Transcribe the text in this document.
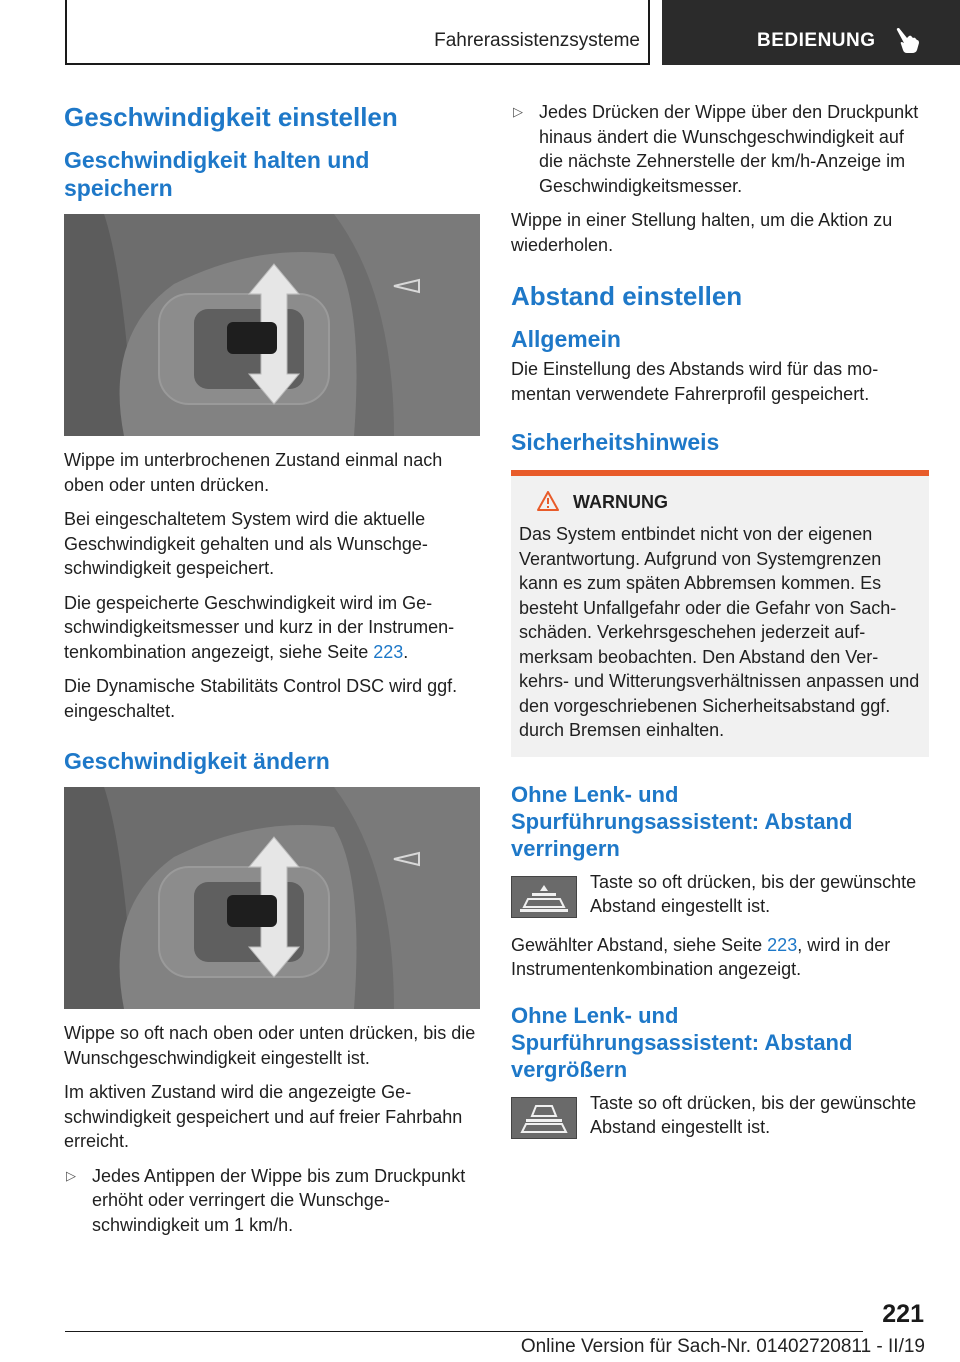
Fahrerassistenzsysteme	BEDIENUNG
Geschwindigkeit einstellen
Geschwindigkeit halten und speichern

Wippe im unterbrochenen Zustand einmal nach oben oder unten drücken.

Bei eingeschaltetem System wird die aktuelle Geschwindigkeit gehalten und als Wunschgeschwindigkeit gespeichert.

Die gespeicherte Geschwindigkeit wird im Geschwindigkeitsmesser und kurz in der Instrumentenkombination angezeigt, siehe Seite 223.

Die Dynamische Stabilitäts Control DSC wird ggf. eingeschaltet.

Geschwindigkeit ändern

Wippe so oft nach oben oder unten drücken, bis die Wunschgeschwindigkeit eingestellt ist.

Im aktiven Zustand wird die angezeigte Geschwindigkeit gespeichert und auf freier Fahrbahn erreicht.

▷ Jedes Antippen der Wippe bis zum Druckpunkt erhöht oder verringert die Wunschgeschwindigkeit um 1 km/h.
▷ Jedes Drücken der Wippe über den Druckpunkt hinaus ändert die Wunschgeschwindigkeit auf die nächste Zehnerstelle der km/h-Anzeige im Geschwindigkeitsmesser.

Wippe in einer Stellung halten, um die Aktion zu wiederholen.

Abstand einstellen
Allgemein

Die Einstellung des Abstands wird für das momentan verwendete Fahrerprofil gespeichert.

Sicherheitshinweis
WARNUNG

Das System entbindet nicht von der eigenen Verantwortung. Aufgrund von Systemgrenzen kann es zum späten Abbremsen kommen. Es besteht Unfallgefahr oder die Gefahr von Sachschäden. Verkehrsgeschehen jederzeit aufmerksam beobachten. Den Abstand den Verkehrs- und Witterungsverhältnissen anpassen und den vorgeschriebenen Sicherheitsabstand ggf. durch Bremsen einhalten.

Ohne Lenk- und Spurführungsassistent: Abstand verringern

Taste so oft drücken, bis der gewünschte Abstand eingestellt ist.

Gewählter Abstand, siehe Seite 223, wird in der Instrumentenkombination angezeigt.

Ohne Lenk- und Spurführungsassistent: Abstand vergrößern

Taste so oft drücken, bis der gewünschte Abstand eingestellt ist.

221
Online Version für Sach-Nr. 01402720811 - II/19
